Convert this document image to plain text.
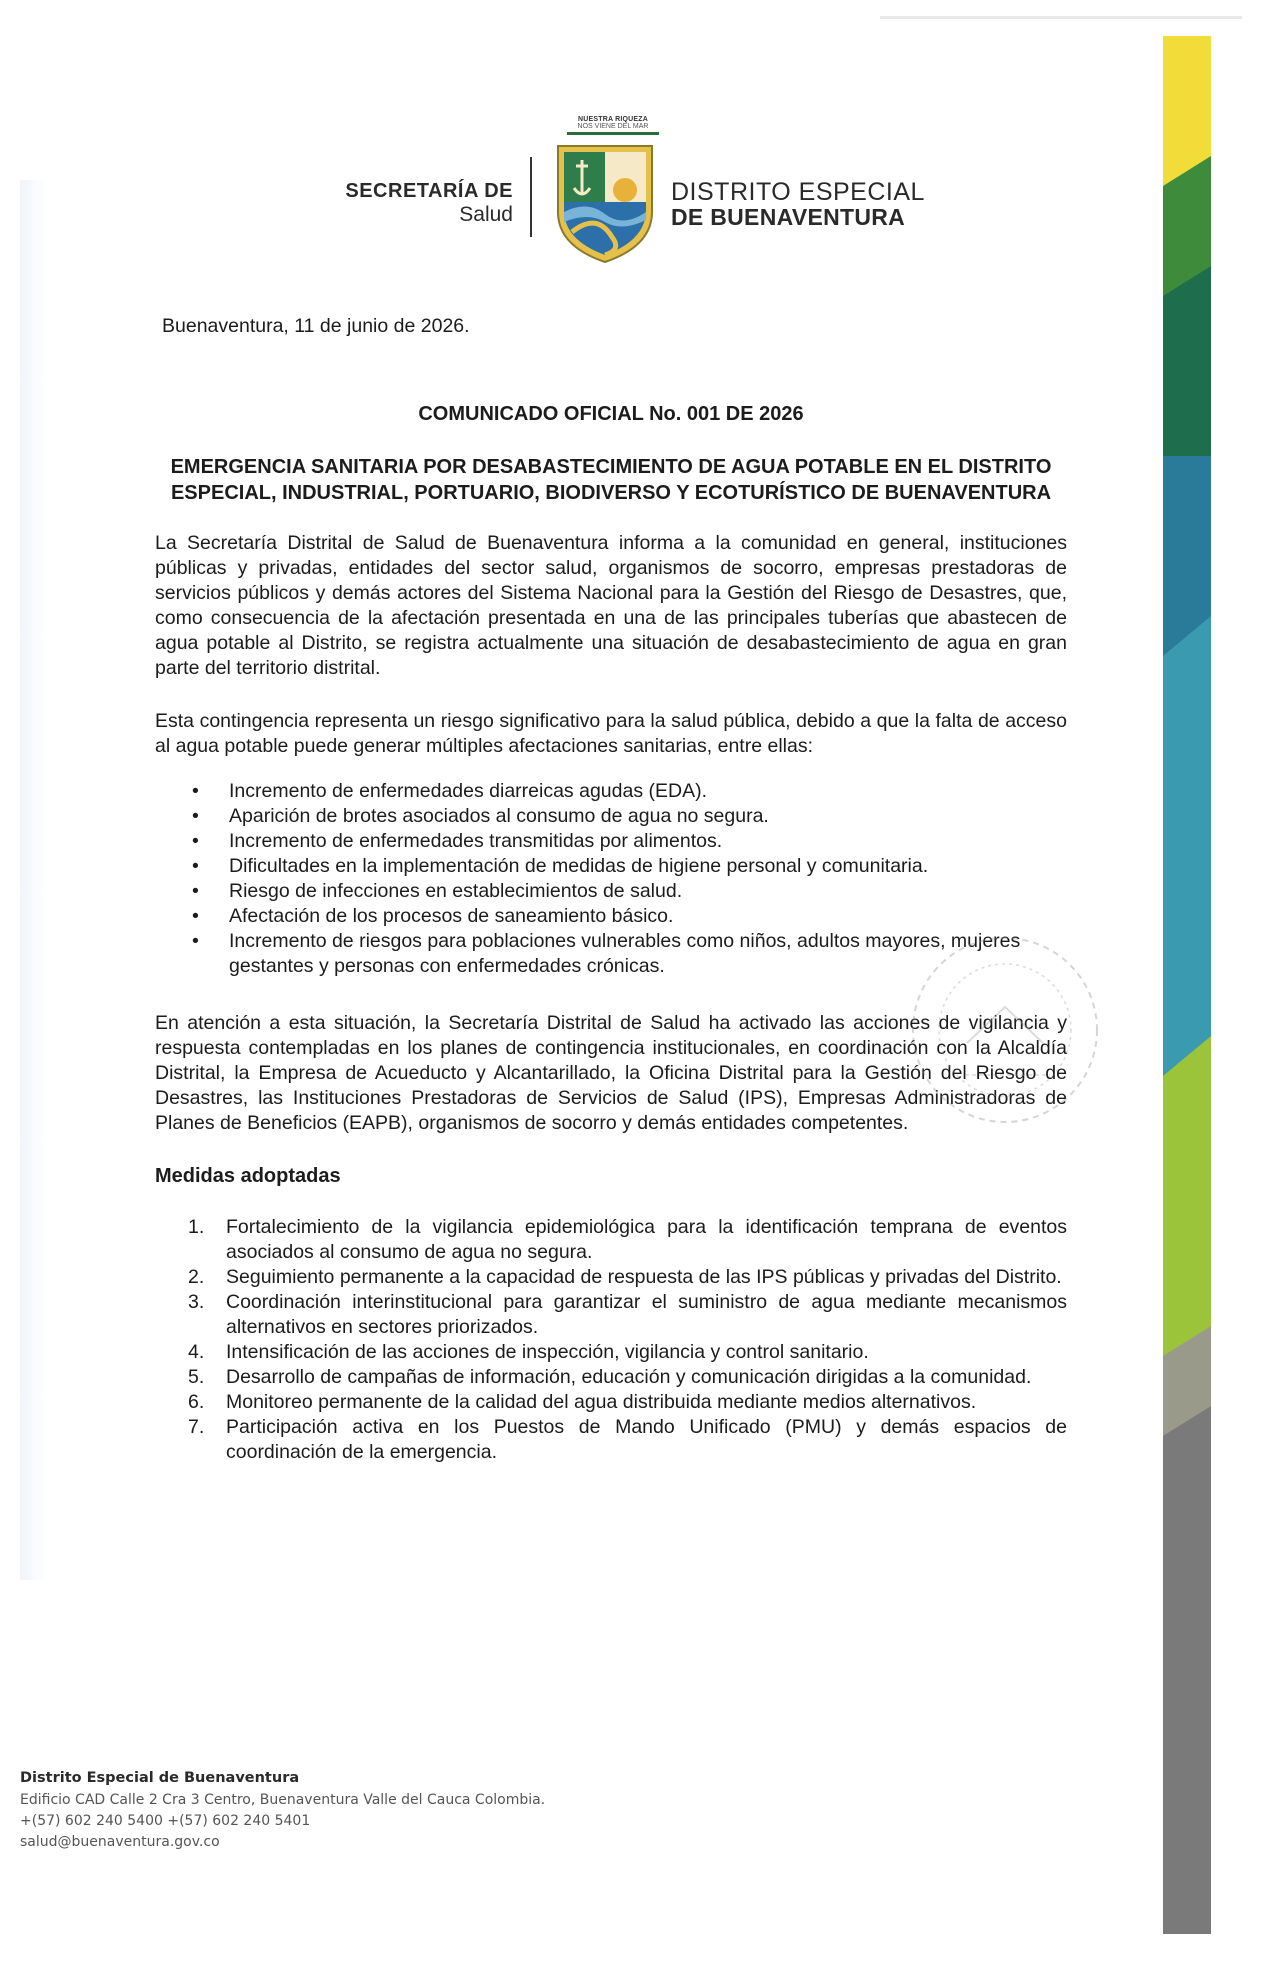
SECRETARÍA DE
Salud
NUESTRA RIQUEZA
NOS VIENE DEL MAR
DISTRITO ESPECIAL
DE BUENAVENTURA
Buenaventura, 11 de junio de 2026.
COMUNICADO OFICIAL No. 001 DE 2026
EMERGENCIA SANITARIA POR DESABASTECIMIENTO DE AGUA POTABLE EN EL DISTRITO ESPECIAL, INDUSTRIAL, PORTUARIO, BIODIVERSO Y ECOTURÍSTICO DE BUENAVENTURA

La Secretaría Distrital de Salud de Buenaventura informa a la comunidad en general, instituciones públicas y privadas, entidades del sector salud, organismos de socorro, empresas prestadoras de servicios públicos y demás actores del Sistema Nacional para la Gestión del Riesgo de Desastres, que, como consecuencia de la afectación presentada en una de las principales tuberías que abastecen de agua potable al Distrito, se registra actualmente una situación de desabastecimiento de agua en gran parte del territorio distrital.

Esta contingencia representa un riesgo significativo para la salud pública, debido a que la falta de acceso al agua potable puede generar múltiples afectaciones sanitarias, entre ellas:

• Incremento de enfermedades diarreicas agudas (EDA).
• Aparición de brotes asociados al consumo de agua no segura.
• Incremento de enfermedades transmitidas por alimentos.
• Dificultades en la implementación de medidas de higiene personal y comunitaria.
• Riesgo de infecciones en establecimientos de salud.
• Afectación de los procesos de saneamiento básico.
• Incremento de riesgos para poblaciones vulnerables como niños, adultos mayores, mujeres gestantes y personas con enfermedades crónicas.

En atención a esta situación, la Secretaría Distrital de Salud ha activado las acciones de vigilancia y respuesta contempladas en los planes de contingencia institucionales, en coordinación con la Alcaldía Distrital, la Empresa de Acueducto y Alcantarillado, la Oficina Distrital para la Gestión del Riesgo de Desastres, las Instituciones Prestadoras de Servicios de Salud (IPS), Empresas Administradoras de Planes de Beneficios (EAPB), organismos de socorro y demás entidades competentes.

Medidas adoptadas
1.	Fortalecimiento de la vigilancia epidemiológica para la identificación temprana de eventos asociados al consumo de agua no segura.
2.	Seguimiento permanente a la capacidad de respuesta de las IPS públicas y privadas del Distrito.
3.	Coordinación interinstitucional para garantizar el suministro de agua mediante mecanismos alternativos en sectores priorizados.
4.	Intensificación de las acciones de inspección, vigilancia y control sanitario.
5.	Desarrollo de campañas de información, educación y comunicación dirigidas a la comunidad.
6.	Monitoreo permanente de la calidad del agua distribuida mediante medios alternativos.
7.	Participación activa en los Puestos de Mando Unificado (PMU) y demás espacios de coordinación de la emergencia.
Distrito Especial de Buenaventura
Edificio CAD Calle 2 Cra 3 Centro, Buenaventura Valle del Cauca Colombia.
+(57) 602 240 5400 +(57) 602 240 5401
salud@buenaventura.gov.co
